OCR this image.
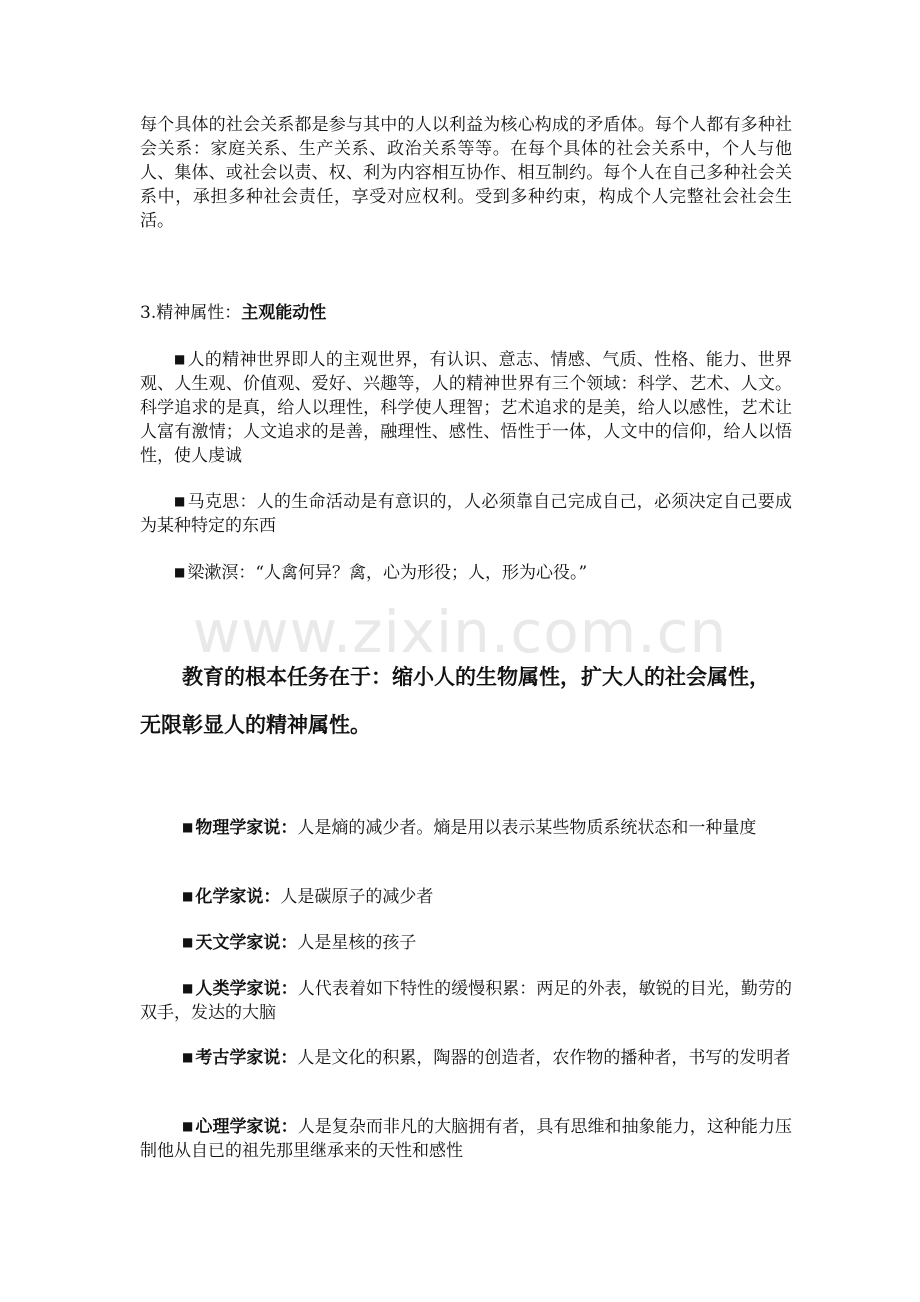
www.zixin.com.cn

每个具体的社会关系都是参与其中的人以利益为核心构成的矛盾体。每个人都有多种社会关系：家庭关系、生产关系、政治关系等等。在每个具体的社会关系中，个人与他人、集体、或社会以责、权、利为内容相互协作、相互制约。每个人在自己多种社会关系中，承担多种社会责任，享受对应权利。受到多种约束，构成个人完整社会社会生活。

3.精神属性：主观能动性

■ 人的精神世界即人的主观世界，有认识、意志、情感、气质、性格、能力、世界观、人生观、价值观、爱好、兴趣等，人的精神世界有三个领域：科学、艺术、人文。科学追求的是真，给人以理性，科学使人理智；艺术追求的是美，给人以感性，艺术让人富有激情；人文追求的是善，融理性、感性、悟性于一体，人文中的信仰，给人以悟性，使人虔诚

■ 马克思：人的生命活动是有意识的，人必须靠自己完成自己，必须决定自己要成为某种特定的东西

■ 梁漱溟：“人禽何异？禽，心为形役；人，形为心役。”

教育的根本任务在于：缩小人的生物属性，扩大人的社会属性，

无限彰显人的精神属性。

■ 物理学家说：人是熵的减少者。熵是用以表示某些物质系统状态和一种量度

■ 化学家说：人是碳原子的减少者

■ 天文学家说：人是星核的孩子

■ 人类学家说：人代表着如下特性的缓慢积累：两足的外表，敏锐的目光，勤劳的双手，发达的大脑

■ 考古学家说：人是文化的积累，陶器的创造者，农作物的播种者，书写的发明者

■ 心理学家说：人是复杂而非凡的大脑拥有者，具有思维和抽象能力，这种能力压制他从自已的祖先那里继承来的天性和感性
